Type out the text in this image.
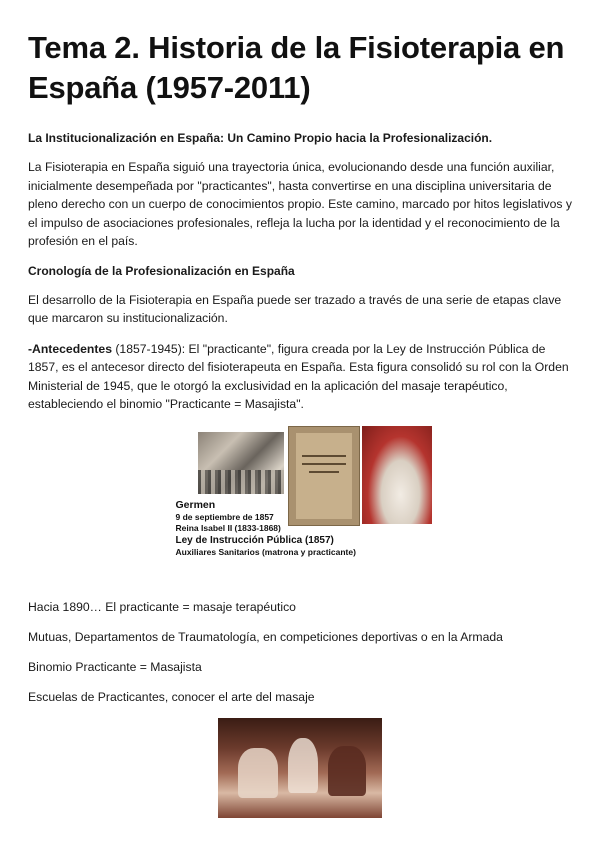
Tema 2. Historia de la Fisioterapia en España (1957-2011)
La Institucionalización en España: Un Camino Propio hacia la Profesionalización.

La Fisioterapia en España siguió una trayectoria única, evolucionando desde una función auxiliar, inicialmente desempeñada por "practicantes", hasta convertirse en una disciplina universitaria de pleno derecho con un cuerpo de conocimientos propio. Este camino, marcado por hitos legislativos y el impulso de asociaciones profesionales, refleja la lucha por la identidad y el reconocimiento de la profesión en el país.

Cronología de la Profesionalización en España

El desarrollo de la Fisioterapia en España puede ser trazado a través de una serie de etapas clave que marcaron su institucionalización.

-Antecedentes (1857-1945): El "practicante", figura creada por la Ley de Instrucción Pública de 1857, es el antecesor directo del fisioterapeuta en España. Esta figura consolidó su rol con la Orden Ministerial de 1945, que le otorgó la exclusividad en la aplicación del masaje terapéutico, estableciendo el binomio "Practicante = Masajista".

Germen
9 de septiembre de 1857
Reina Isabel II (1833-1868)
Ley de Instrucción Pública (1857)
Auxiliares Sanitarios (matrona y practicante)

Hacia 1890… El practicante = masaje terapéutico

Mutuas, Departamentos de Traumatología, en competiciones deportivas o en la Armada

Binomio Practicante = Masajista

Escuelas de Practicantes, conocer el arte del masaje
